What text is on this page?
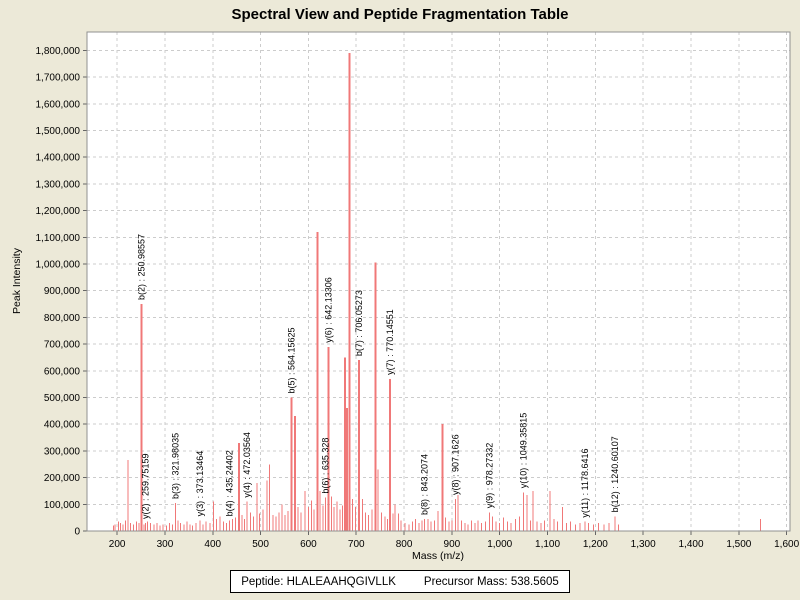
Spectral View and Peptide Fragmentation Table
200	300	400	500	600	700	800	900	1,000 1,100 1,200 1,300 1,400 1,500 1,600
0
100,000
200,000
300,000
400,000
500,000
600,000
700,000
800,000
900,000
1,000,000
1,100,000
1,200,000
1,300,000
1,400,000
1,500,000
1,600,000
1,700,000
1,800,000
b(2) : 250.98557
y(2) : 259.75159 b(3) : 321.98035 y(3) : 373.13464 b(4) : 435.24402 y(4) : 472.03564
b(5) : 564.15625
b(6) : 635.328
y(6) : 642.13306 b(7) : 706.05273 y(7) : 770.14551
b(8) : 843.2074 y(8) : 907.1626	y(9) : 978.27332	y(10) : 1049.35815	y(11) : 1178.6416 b(12) : 1240.60107
Peak Intensity
Mass (m/z)
Peptide: HLALEAAHQGIVLLK Precursor Mass: 538.5605
